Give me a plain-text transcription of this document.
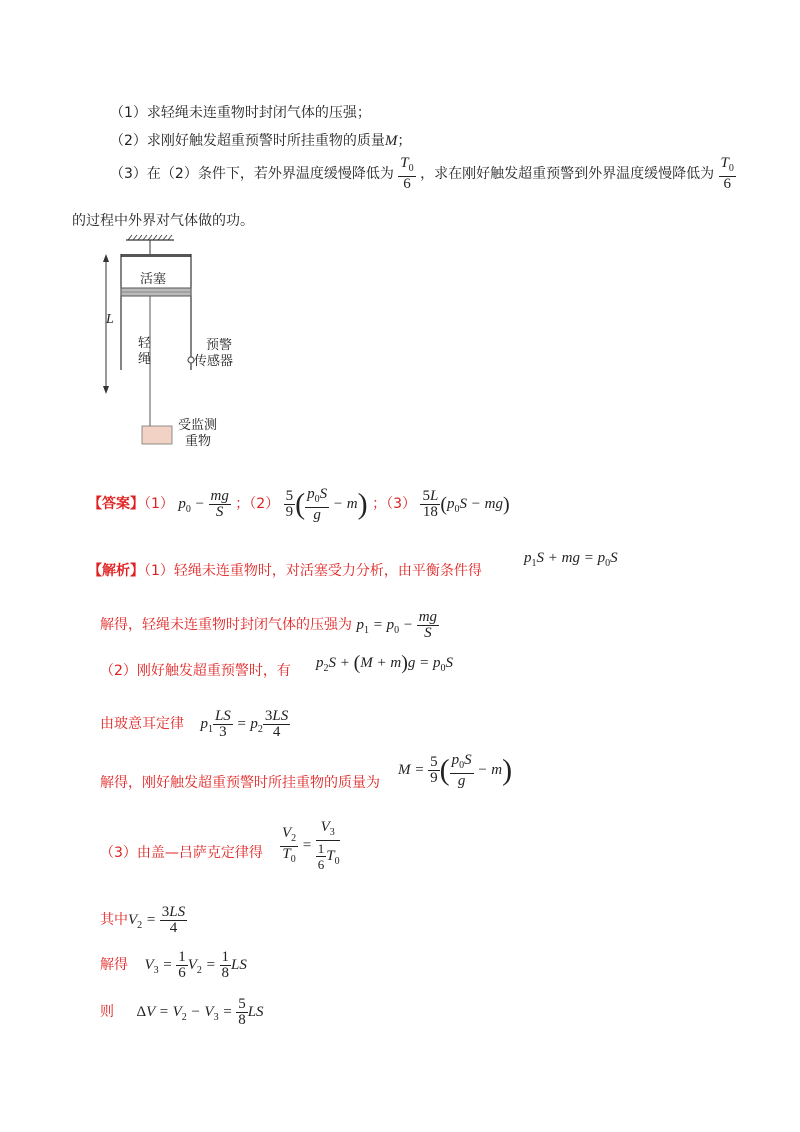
（1）求轻绳未连重物时封闭气体的压强；
（2）求刚好触发超重预警时所挂重物的质量M；
（3）在（2）条件下，若外界温度缓慢降低为 $\frac{T_0}{6}$ ，求在刚好触发超重预警到外界温度缓慢降低为 $\frac{T_0}{6}$
的过程中外界对气体做的功。
活塞
L
轻
绳
预警
传感器
受监测
重物
【答案】（1） $p_0 - \frac{mg}{S}$ ；$(2) \frac{5}{9}$ ( $\frac{p_0S}{g} - m$) ；$(3) \frac{5L}{18} (p_0S - mg)$
【解析】（1）轻绳未连重物时，对活塞受力分析，由平衡条件得
$p_1S$ + mg = $p_0S$
解得，轻绳未连重物时封闭气体的压强为 $p_1 = p_0 - \frac{mg}{S}$
（2）刚好触发超重预警时，有
$p_2S + (M + m)g = p_0S$
由玻意耳定律 $p_1 \frac{LS}{3} = p_2 \frac{3LS}{4}$
解得，刚好触发超重预警时所挂重物的质量为
$M = \frac{5}{9}$ ( $\frac{p_0S}{g} - m$)
（3）由盖—吕萨克定律得 $\frac{V_2}{T_0} = \frac{V_3}{\frac{1}{6} T_0}$
其中$V_2 = \frac{3LS}{4}$
解得 $V_3 = \frac{1}{6} V_2 = \frac{1}{8}$ LS
则 $\Delta V = V_2 - V_3 = \frac{5}{8}$ LS
